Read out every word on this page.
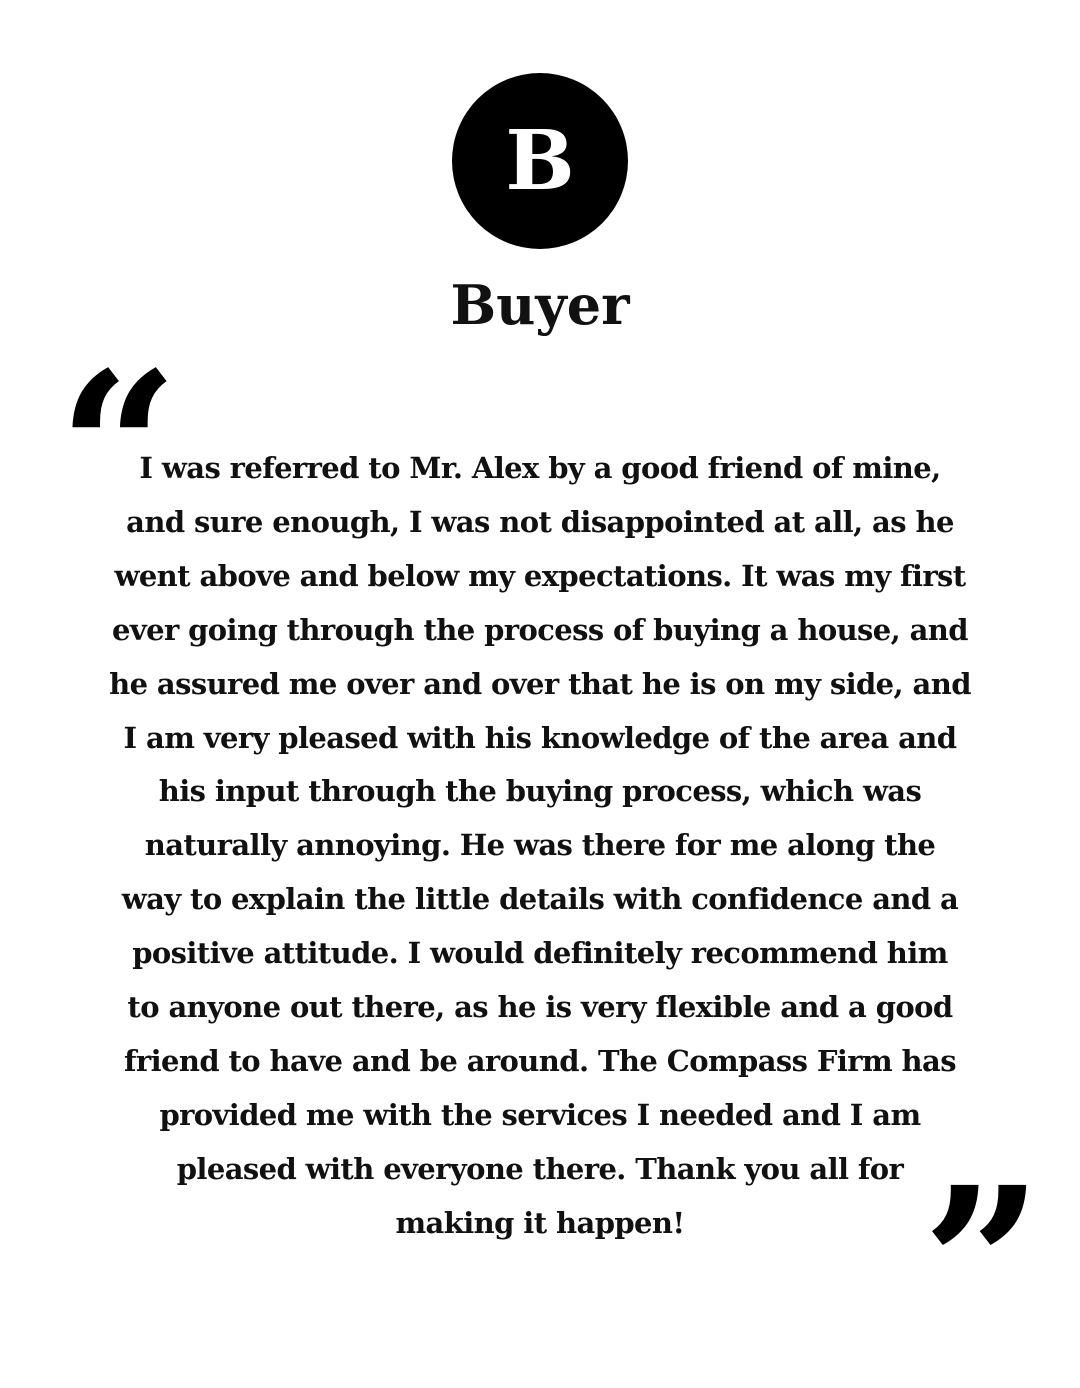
B
Buyer
“
I was referred to Mr. Alex by a good friend of mine,
and sure enough, I was not disappointed at all, as he
went above and below my expectations. It was my first
ever going through the process of buying a house, and
he assured me over and over that he is on my side, and
I am very pleased with his knowledge of the area and
his input through the buying process, which was
naturally annoying. He was there for me along the
way to explain the little details with confidence and a
positive attitude. I would definitely recommend him
to anyone out there, as he is very flexible and a good
friend to have and be around. The Compass Firm has
provided me with the services I needed and I am
pleased with everyone there. Thank you all for
making it happen!	”
